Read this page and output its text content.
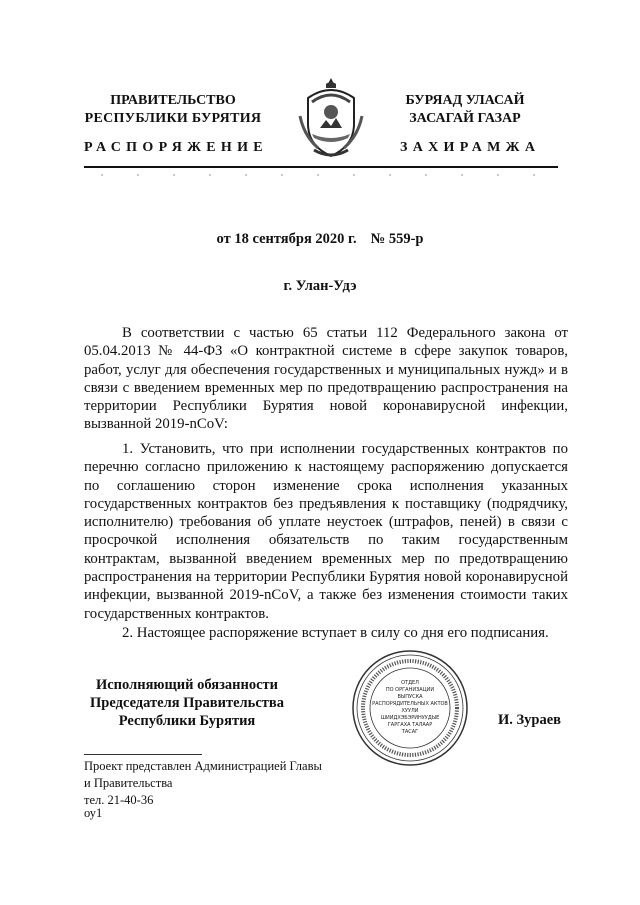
ПРАВИТЕЛЬСТВО
РЕСПУБЛИКИ БУРЯТИЯ
БУРЯАД УЛАСАЙ
ЗАСАГАЙ ГАЗАР
РАСПОРЯЖЕНИЕ	ЗАХИРАМЖА
от 18 сентября 2020 г. № 559-р
г. Улан-Удэ

В соответствии с частью 65 статьи 112 Федерального закона от 05.04.2013 № 44-ФЗ «О контрактной системе в сфере закупок товаров, работ, услуг для обеспечения государственных и муниципальных нужд» и в связи с введением временных мер по предотвращению распространения на территории Республики Бурятия новой коронавирусной инфекции, вызванной 2019-nCoV:

1. Установить, что при исполнении государственных контрактов по перечню согласно приложению к настоящему распоряжению допускается по соглашению сторон изменение срока исполнения указанных государственных контрактов без предъявления к поставщику (подрядчику, исполнителю) требования об уплате неустоек (штрафов, пеней) в связи с просрочкой исполнения обязательств по таким государственным контрактам, вызванной введением временных мер по предотвращению распространения на территории Республики Бурятия новой коронавирусной инфекции, вызванной 2019-nCoV, а также без изменения стоимости таких государственных контрактов.

2. Настоящее распоряжение вступает в силу со дня его подписания.

Исполняющий обязанности
Председателя Правительства
Республики Бурятия
ОТДЕЛ
ПО ОРГАНИЗАЦИИ
ВЫПУСКА
РАСПОРЯДИТЕЛЬНЫХ АКТОВ
ХУУЛИ
ШИИДХЭБЭРИНУУДЫЕ
ГАРГАХА ТАЛААР
ТАСАГ
И. Зураев
Проект представлен Администрацией Главы
и Правительства
тел. 21-40-36
оу1
